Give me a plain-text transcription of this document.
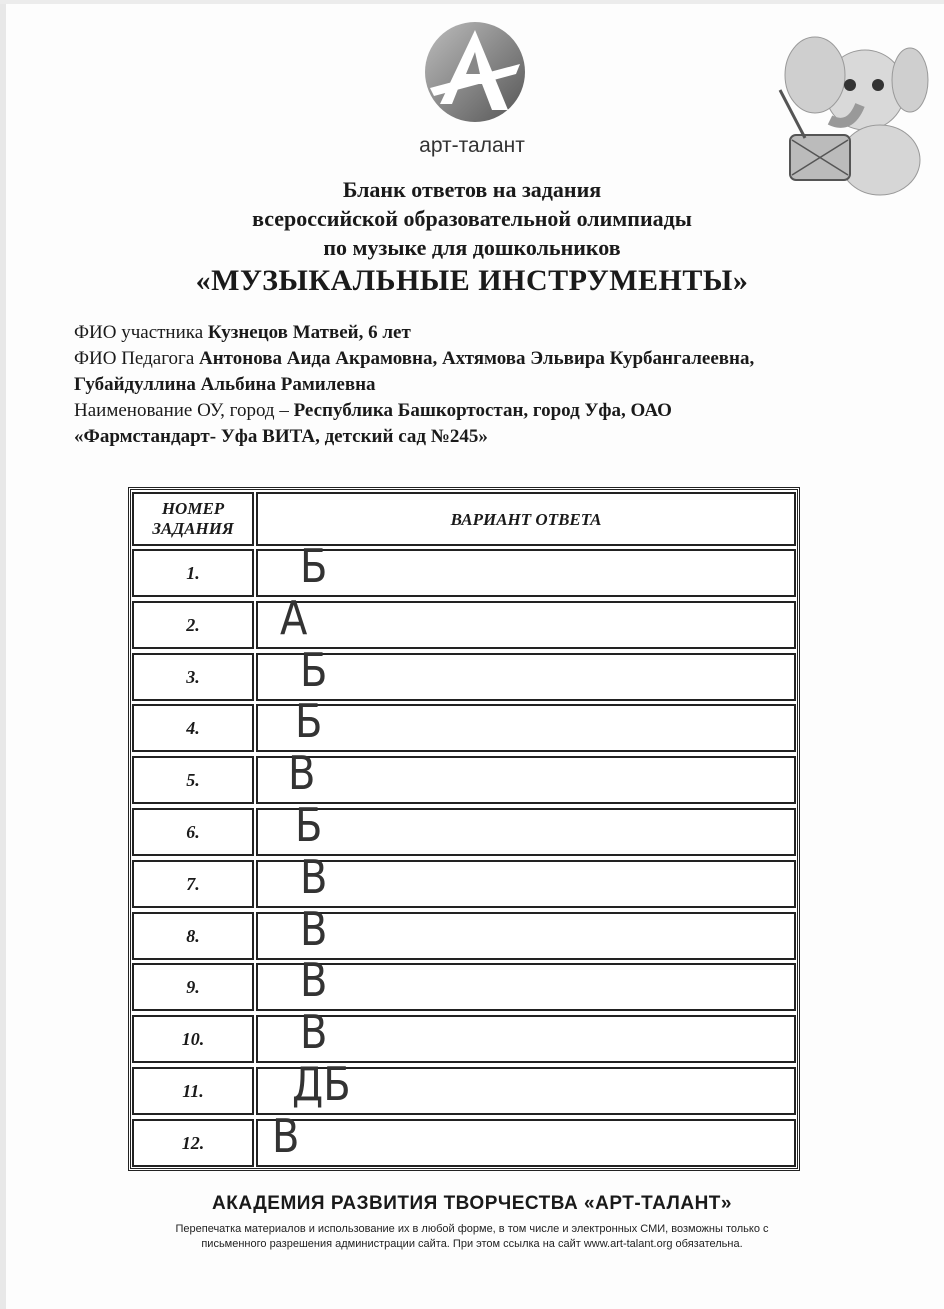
арт-талант
Бланк ответов на задания
всероссийской образовательной олимпиады
по музыке для дошкольников
«МУЗЫКАЛЬНЫЕ ИНСТРУМЕНТЫ»
ФИО участника Кузнецов Матвей, 6 лет
ФИО Педагога Антонова Аида Акрамовна, Ахтямова Эльвира Курбангалеевна,
Губайдуллина Альбина Рамилевна
Наименование ОУ, город – Республика Башкортостан, город Уфа, ОАО
«Фармстандарт- Уфа ВИТА, детский сад №245»
НОМЕР
ЗАДАНИЯ	ВАРИАНТ ОТВЕТА
1.	Б
2.	А
3.	Б
4.	Б
5.	В
6.	Б
7.	В
8.	В
9.	В
10.	В
11.	ДБ
12.	В
АКАДЕМИЯ РАЗВИТИЯ ТВОРЧЕСТВА «АРТ-ТАЛАНТ»
Перепечатка материалов и использование их в любой форме, в том числе и электронных СМИ, возможны только с
письменного разрешения администрации сайта. При этом ссылка на сайт www.art-talant.org обязательна.
